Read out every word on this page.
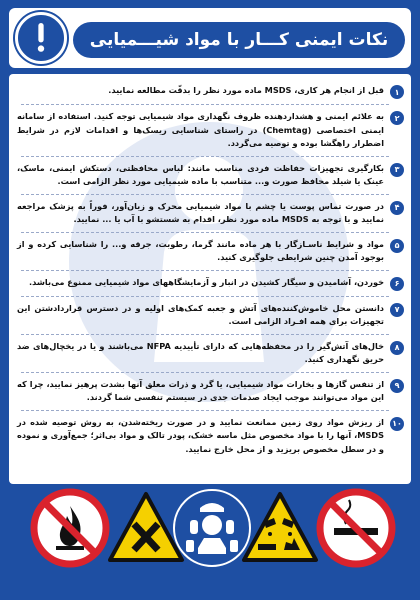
نکات ایمنی کـــار با مواد شیـــمیایی
۱
قبل از انجام هر کاری، MSDS ماده مورد نظر را بدقّت مطالعه نمایید.
۲
به علائم ایمنی و هشداردهنده ظروف نگهداری مواد شیمیایی توجه کنید. استفاده از سامانه ایمنی اختصاصی (Chemtag) در راستای شناسایی ریسک‌ها و اقدامات لازم در شرایط اضطرار راهگشا بوده و توصیه می‌گردد.
۳
بکارگیری تجهیزات حفاظت فردی مناسب مانند: لباس محافظتی، دستکش ایمنی، ماسک، عینک یا شیلد محافظ صورت و... متناسب با ماده شیمیایی مورد نظر الزامی است.
۴
در صورت تماس پوست یا چشم با مواد شیمیایی محرک و زیان‌آور، فوراً به پزشک مراجعه نمایید و با توجه به MSDS ماده مورد نظر، اقدام به شستشو با آب یا ... نمایید.
۵
مواد و شرایط ناسـازگار با هر ماده مانند گرما، رطوبت، جرقه و... را شناسایی کرده و از بوجود آمدن چنین شرایطی جلوگیری کنید.
۶
خوردن، آشامیدن و سیگار کشیدن در انبار و آزمایشگاههای مواد شیمیایی ممنوع می‌باشد.
۷
دانستن محل خاموش‌کننده‌های آتش و جعبه کمک‌های اولیه و در دسترس قراردادشتن این تجهیزات برای همه افـراد الزامی است.
۸
خال‌های آتش‌گیر را در محفظه‌هایی که دارای تأییدیه NFPA می‌باشند و یا در یخچال‌های ضد حریق نگهداری کنید.
۹
از تنفس گازها و بخارات مواد شیمیایی، یا گرد و ذرات معلق آنها بشدت پرهیز نمایید، چرا که این مواد می‌توانند موجب ایجاد صدمات جدی در سیستم تنفسی شما گردند.
۱۰
از ریزش مواد روی زمین ممانعت نمایید و در صورت ریخته‌شدن، به روش توصیه شده در MSDS، آنها را با مواد مخصوص مثل ماسه خشک، پودر تالک و مواد بی‌اثر؛ جمع‌آوری و نموده و در سطل مخصوص بریزید و از محل خارج نمایید.
